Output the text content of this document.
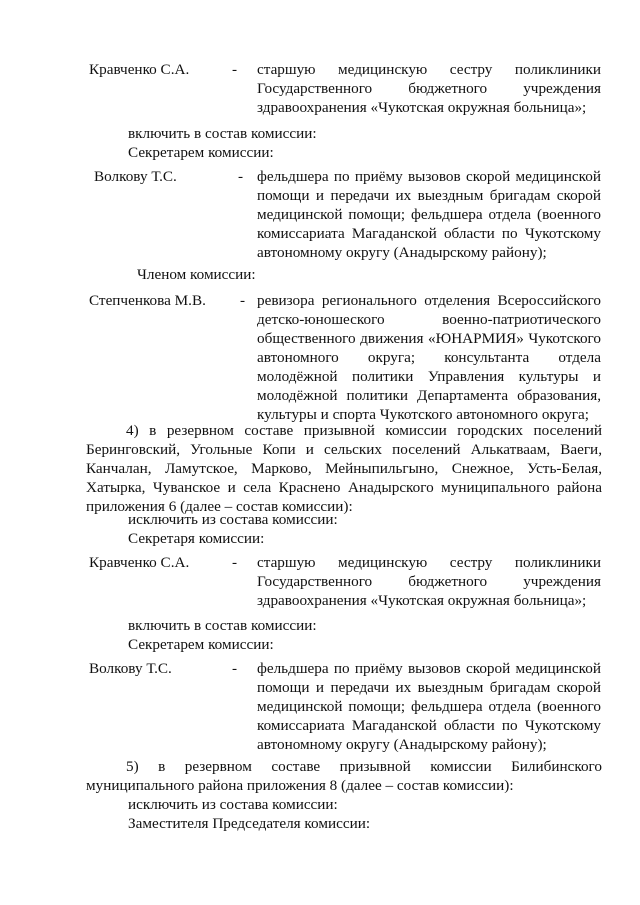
Кравченко С.А.	- старшую медицинскую сестру поликлиники Государственного бюджетного учреждения здравоохранения «Чукотская окружная больница»;
включить в состав комиссии:
Секретарем комиссии:
Волкову Т.С.	- фельдшера по приёму вызовов скорой медицинской помощи и передачи их выездным бригадам скорой медицинской помощи; фельдшера отдела (военного комиссариата Магаданской области по Чукотскому автономному округу (Анадырскому району);
Членом комиссии:
Степченкова М.В. - ревизора регионального отделения Всероссийского детско-юношеского военно-патриотического общественного движения «ЮНАРМИЯ» Чукотского автономного округа; консультанта отдела молодёжной политики Управления культуры и молодёжной политики Департамента образования, культуры и спорта Чукотского автономного округа;
4) в резервном составе призывной комиссии городских поселений Беринговский, Угольные Копи и сельских поселений Алькатваам, Ваеги, Канчалан, Ламутское, Марково, Мейныпильгыно, Снежное, Усть-Белая, Хатырка, Чуванское и села Краснено Анадырского муниципального района приложения 6 (далее – состав комиссии):
исключить из состава комиссии:
Секретаря комиссии:
Кравченко С.А.	- старшую медицинскую сестру поликлиники Государственного бюджетного учреждения здравоохранения «Чукотская окружная больница»;
включить в состав комиссии:
Секретарем комиссии:
Волкову Т.С.	- фельдшера по приёму вызовов скорой медицинской помощи и передачи их выездным бригадам скорой медицинской помощи; фельдшера отдела (военного комиссариата Магаданской области по Чукотскому автономному округу (Анадырскому району);
5) в резервном составе призывной комиссии Билибинского муниципального района приложения 8 (далее – состав комиссии):
исключить из состава комиссии:
Заместителя Председателя комиссии:
